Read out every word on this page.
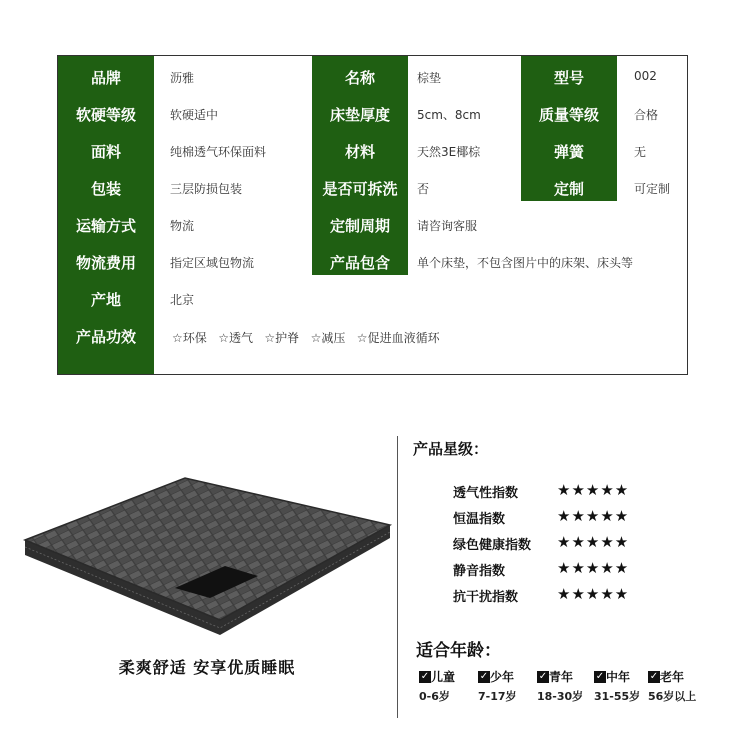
品牌	沥雅	名称	棕垫	型号	002
软硬等级	软硬适中	床垫厚度	5cm、8cm	质量等级	合格
面料	纯棉透气环保面料	材料	天然3E椰棕	弹簧	无
包装	三层防损包装	是否可拆洗	否	定制	可定制
运输方式	物流	定制周期	请咨询客服
物流费用	指定区域包物流	产品包含	单个床垫，不包含图片中的床架、床头等
产地	北京
产品功效	☆环保   ☆透气   ☆护脊   ☆减压   ☆促进血液循环
柔爽舒适 安享优质睡眠
产品星级：
透气性指数	★★★★★
恒温指数	★★★★★
绿色健康指数 ★★★★★
静音指数	★★★★★
抗干扰指数	★★★★★
适合年龄：
✓ 儿童
0-6岁
✓ 少年
7-17岁
✓ 青年
18-30岁
✓ 中年
31-55岁
✓ 老年
56岁以上
